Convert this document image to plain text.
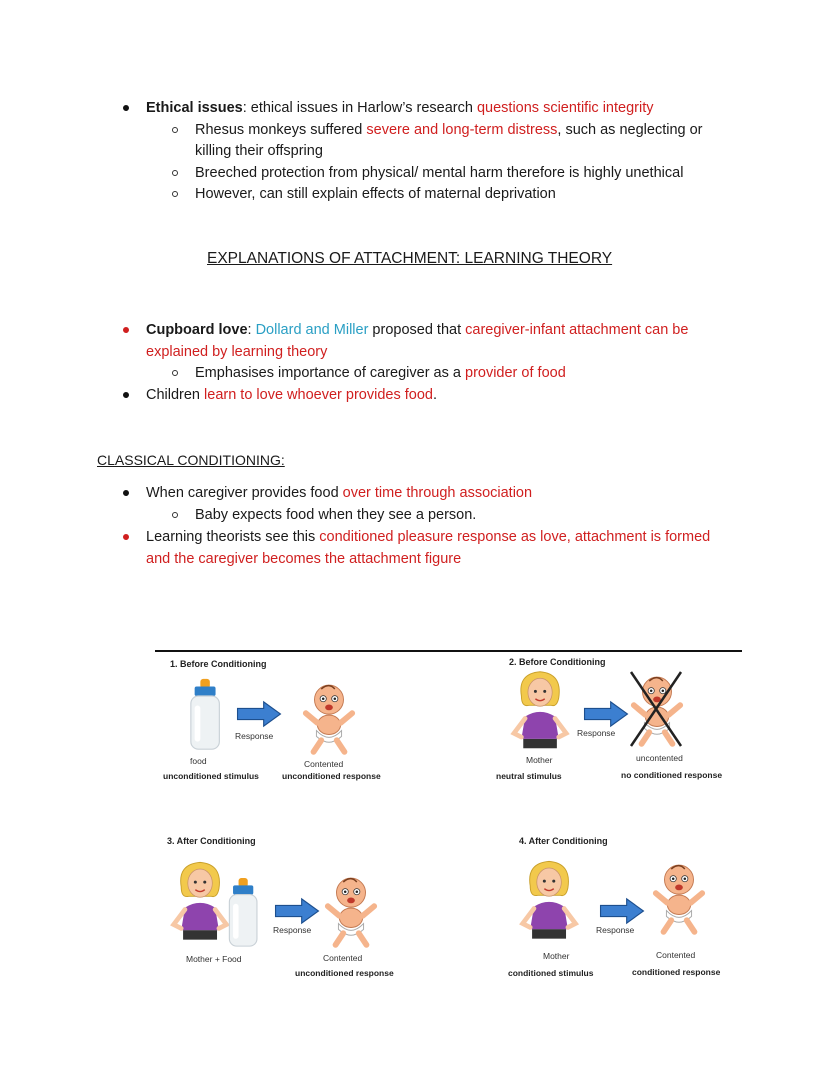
Ethical issues: ethical issues in Harlow’s research questions scientific integrity
Rhesus monkeys suffered severe and long-term distress, such as neglecting or
killing their offspring
Breeched protection from physical/ mental harm therefore is highly unethical
However, can still explain effects of maternal deprivation
EXPLANATIONS OF ATTACHMENT: LEARNING THEORY
Cupboard love: Dollard and Miller proposed that caregiver-infant attachment can be
explained by learning theory
Emphasises importance of caregiver as a provider of food
Children learn to love whoever provides food.
CLASSICAL CONDITIONING:
When caregiver provides food over time through association
Baby expects food when they see a person.
Learning theorists see this conditioned pleasure response as love, attachment is formed
and the caregiver becomes the attachment figure
1. Before Conditioning
Response
food	Contented
unconditioned stimulus	unconditioned response
2. Before Conditioning
Response
Mother	uncontented
neutral stimulus	no conditioned response
3. After Conditioning
Response
Mother + Food	Contented
unconditioned response
4. After Conditioning
Response
Mother	Contented
conditioned stimulus	conditioned response
